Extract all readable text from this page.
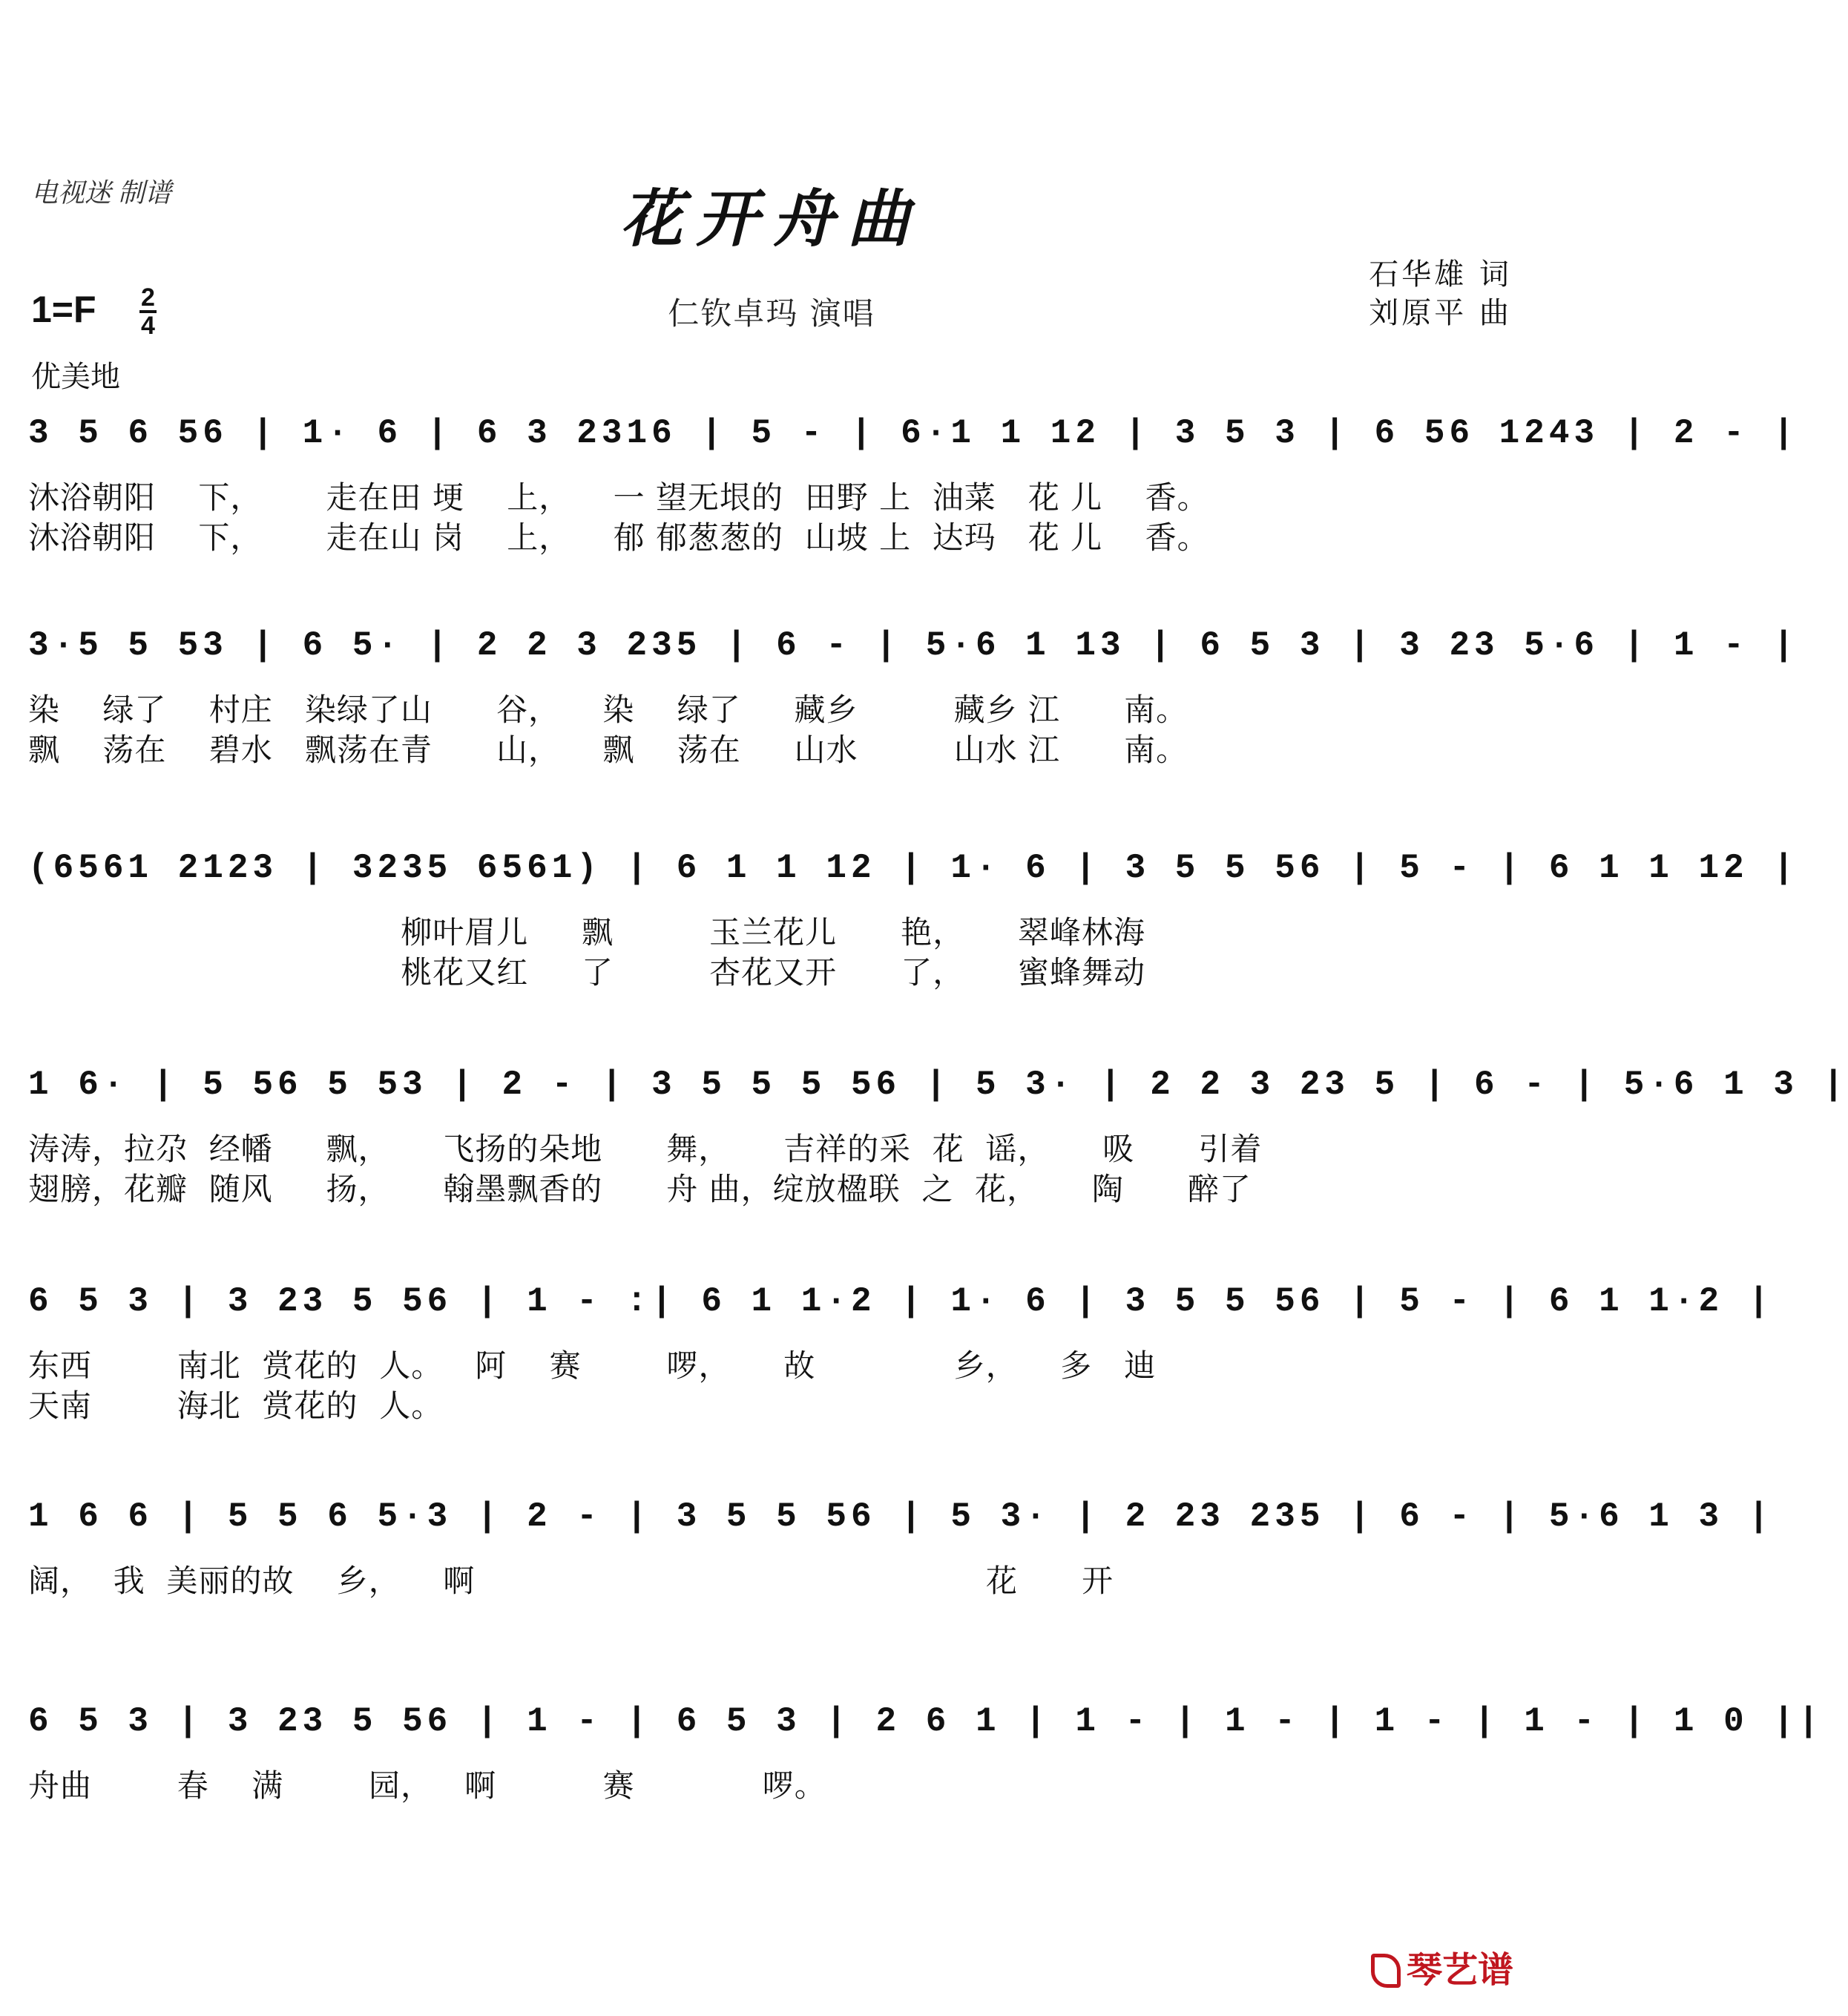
电视迷 制谱	花开舟曲
仁钦卓玛 演唱
石华雄 词
刘原平 曲
1=F 2
4
优美地
3 5 6 56 | 1· 6 | 6 3 2316 | 5 - | 6·1 1 12 | 3 5 3 | 6 56 1243 | 2 - |
沐浴朝阳    下，      走在田 埂    上，    一 望无垠的  田野 上  油菜   花 儿    香。
沐浴朝阳    下，      走在山 岗    上，    郁 郁葱葱的  山坡 上  达玛   花 儿    香。
3·5 5 53 | 6 5· | 2 2 3 235 | 6 - | 5·6 1 13 | 6 5 3 | 3 23 5·6 | 1 - |
染    绿了    村庄   染绿了山      谷，    染    绿了     藏乡         藏乡 江      南。
飘    荡在    碧水   飘荡在青      山，    飘    荡在     山水         山水 江      南。
(6561 2123 | 3235 6561) | 6 1 1 12 | 1· 6 | 3 5 5 56 | 5 - | 6 1 1 12 |
柳叶眉儿     飘         玉兰花儿      艳，     翠峰林海
桃花又红     了         杏花又开      了，     蜜蜂舞动
1 6· | 5 56 5 53 | 2 - | 3 5 5 5 56 | 5 3· | 2 2 3 23 5 | 6 - | 5·6 1 3 |
涛涛，拉尕  经幡     飘，     飞扬的朵地      舞，     吉祥的采  花  谣，     吸      引着
翅膀，花瓣  随风     扬，     翰墨飘香的      舟 曲，绽放楹联  之  花，     陶      醉了
6 5 3 | 3 23 5 56 | 1 - :| 6 1 1·2 | 1· 6 | 3 5 5 56 | 5 - | 6 1 1·2 |
东西        南北  赏花的  人。   阿    赛        啰，     故             乡，    多   迪
天南        海北  赏花的  人。
1 6 6 | 5 5 6 5·3 | 2 - | 3 5 5 56 | 5 3· | 2 23 235 | 6 - | 5·6 1 3 |
阔，  我  美丽的故    乡，    啊                                                花      开
6 5 3 | 3 23 5 56 | 1 - | 6 5 3 | 2 6 1 | 1 - | 1 - | 1 - | 1 - | 1 0 ||
舟曲        春    满        园，   啊          赛            啰。
琴艺谱
